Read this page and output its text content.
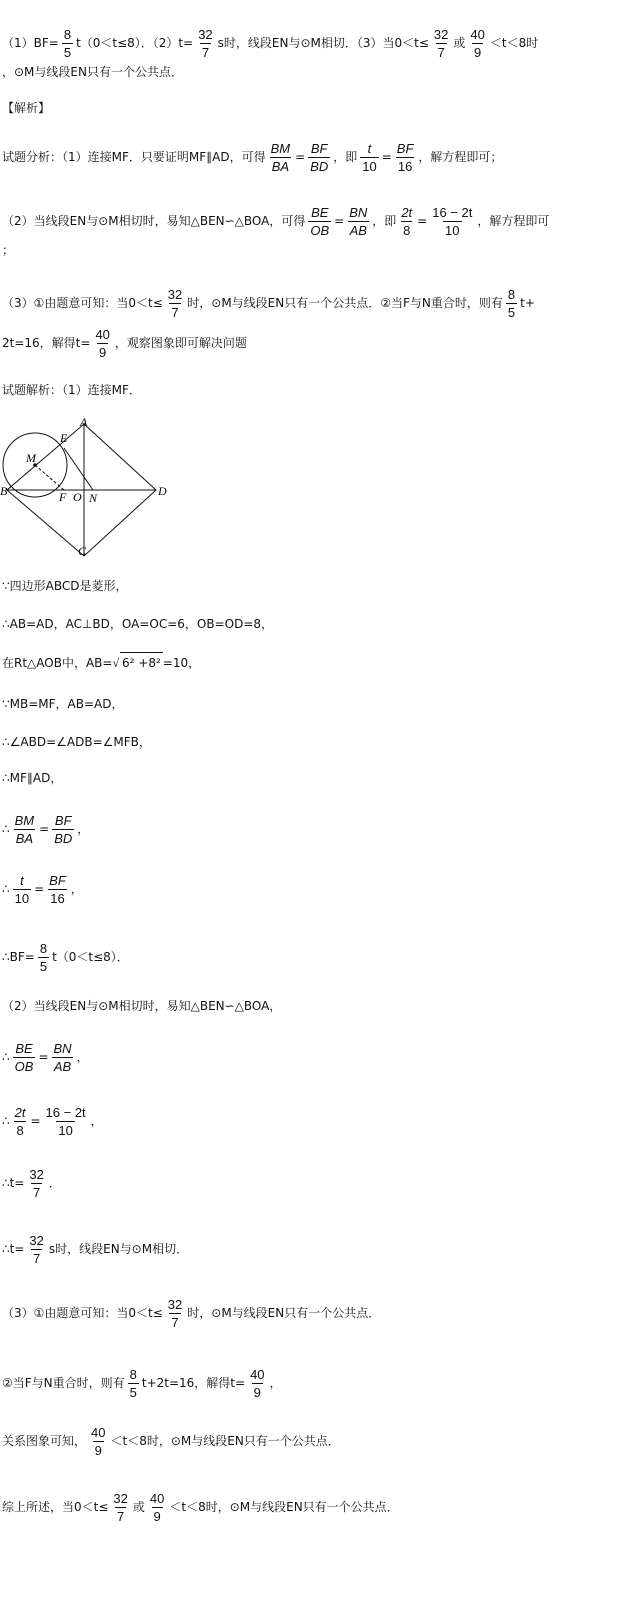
$(1)BF= \frac{8}{5} t(0<t\le 8)$．$(2)t= \frac{32}{7}$ s时，线段EN与⊙M相切．（3）当$0<t\le \frac{32}{7}$ 或 $\frac{40}{9} <t<8$时
，⊙M与线段EN只有一个公共点．
【解析】
试题分析：（1）连接MF．只要证明MF∥AD，可得 $\frac{BM}{BA} = \frac{BF}{BD}$ ，即 $\frac{t}{10} = \frac{BF}{16}$ ，解方程即可；
（2）当线段EN与⊙M相切时，易知△BEN∽△BOA，可得 $\frac{BE}{OB} = \frac{BN}{AB}$ ，即 $\frac{2t}{8} = \frac{16 - 2t}{10}$ ，解方程即可
；
（3）①由题意可知：当$0<t\le \frac{32}{7}$ 时，⊙M与线段EN只有一个公共点．②当F与N重合时，则有 $\frac{8}{5} t+$
2t=16，解得$t= \frac{40}{9}$ ，观察图象即可解决问题
试题解析：（1）连接MF．
A
B
C
D
E
M
F O N
∵四边形ABCD是菱形，
∴AB=AD，AC⊥BD，OA=OC=6，OB=OD=8，
在Rt△AOB中，AB=√ 6² +8² =10，
∵MB=MF，AB=AD，
∴∠ABD=∠ADB=∠MFB，
∴MF∥AD，
∴ $\frac{BM}{BA} = \frac{BF}{BD}$ ，
∴ $\frac{t}{10} = \frac{BF}{16}$ ，
∴BF= $\frac{8}{5} t(0<t\le 8)$．
（2）当线段EN与⊙M相切时，易知△BEN∽△BOA，
∴ $\frac{BE}{OB} = \frac{BN}{AB}$ ，
∴ $\frac{2t}{8} = \frac{16 - 2t}{10}$ ，
∴t= $\frac{32}{7}$ ．
∴t= $\frac{32}{7}$ s时，线段EN与⊙M相切．
（3）①由题意可知：当$0<t\le \frac{32}{7}$ 时，⊙M与线段EN只有一个公共点．
②当F与N重合时，则有 $\frac{8}{5} t+2t=16$，解得$t= \frac{40}{9}$ ，
关系图象可知， $\frac{40}{9} <t<8$时，⊙M与线段EN只有一个公共点．
综上所述，当$0<t\le \frac{32}{7}$ 或 $\frac{40}{9} <t<8$时，⊙M与线段EN只有一个公共点．
